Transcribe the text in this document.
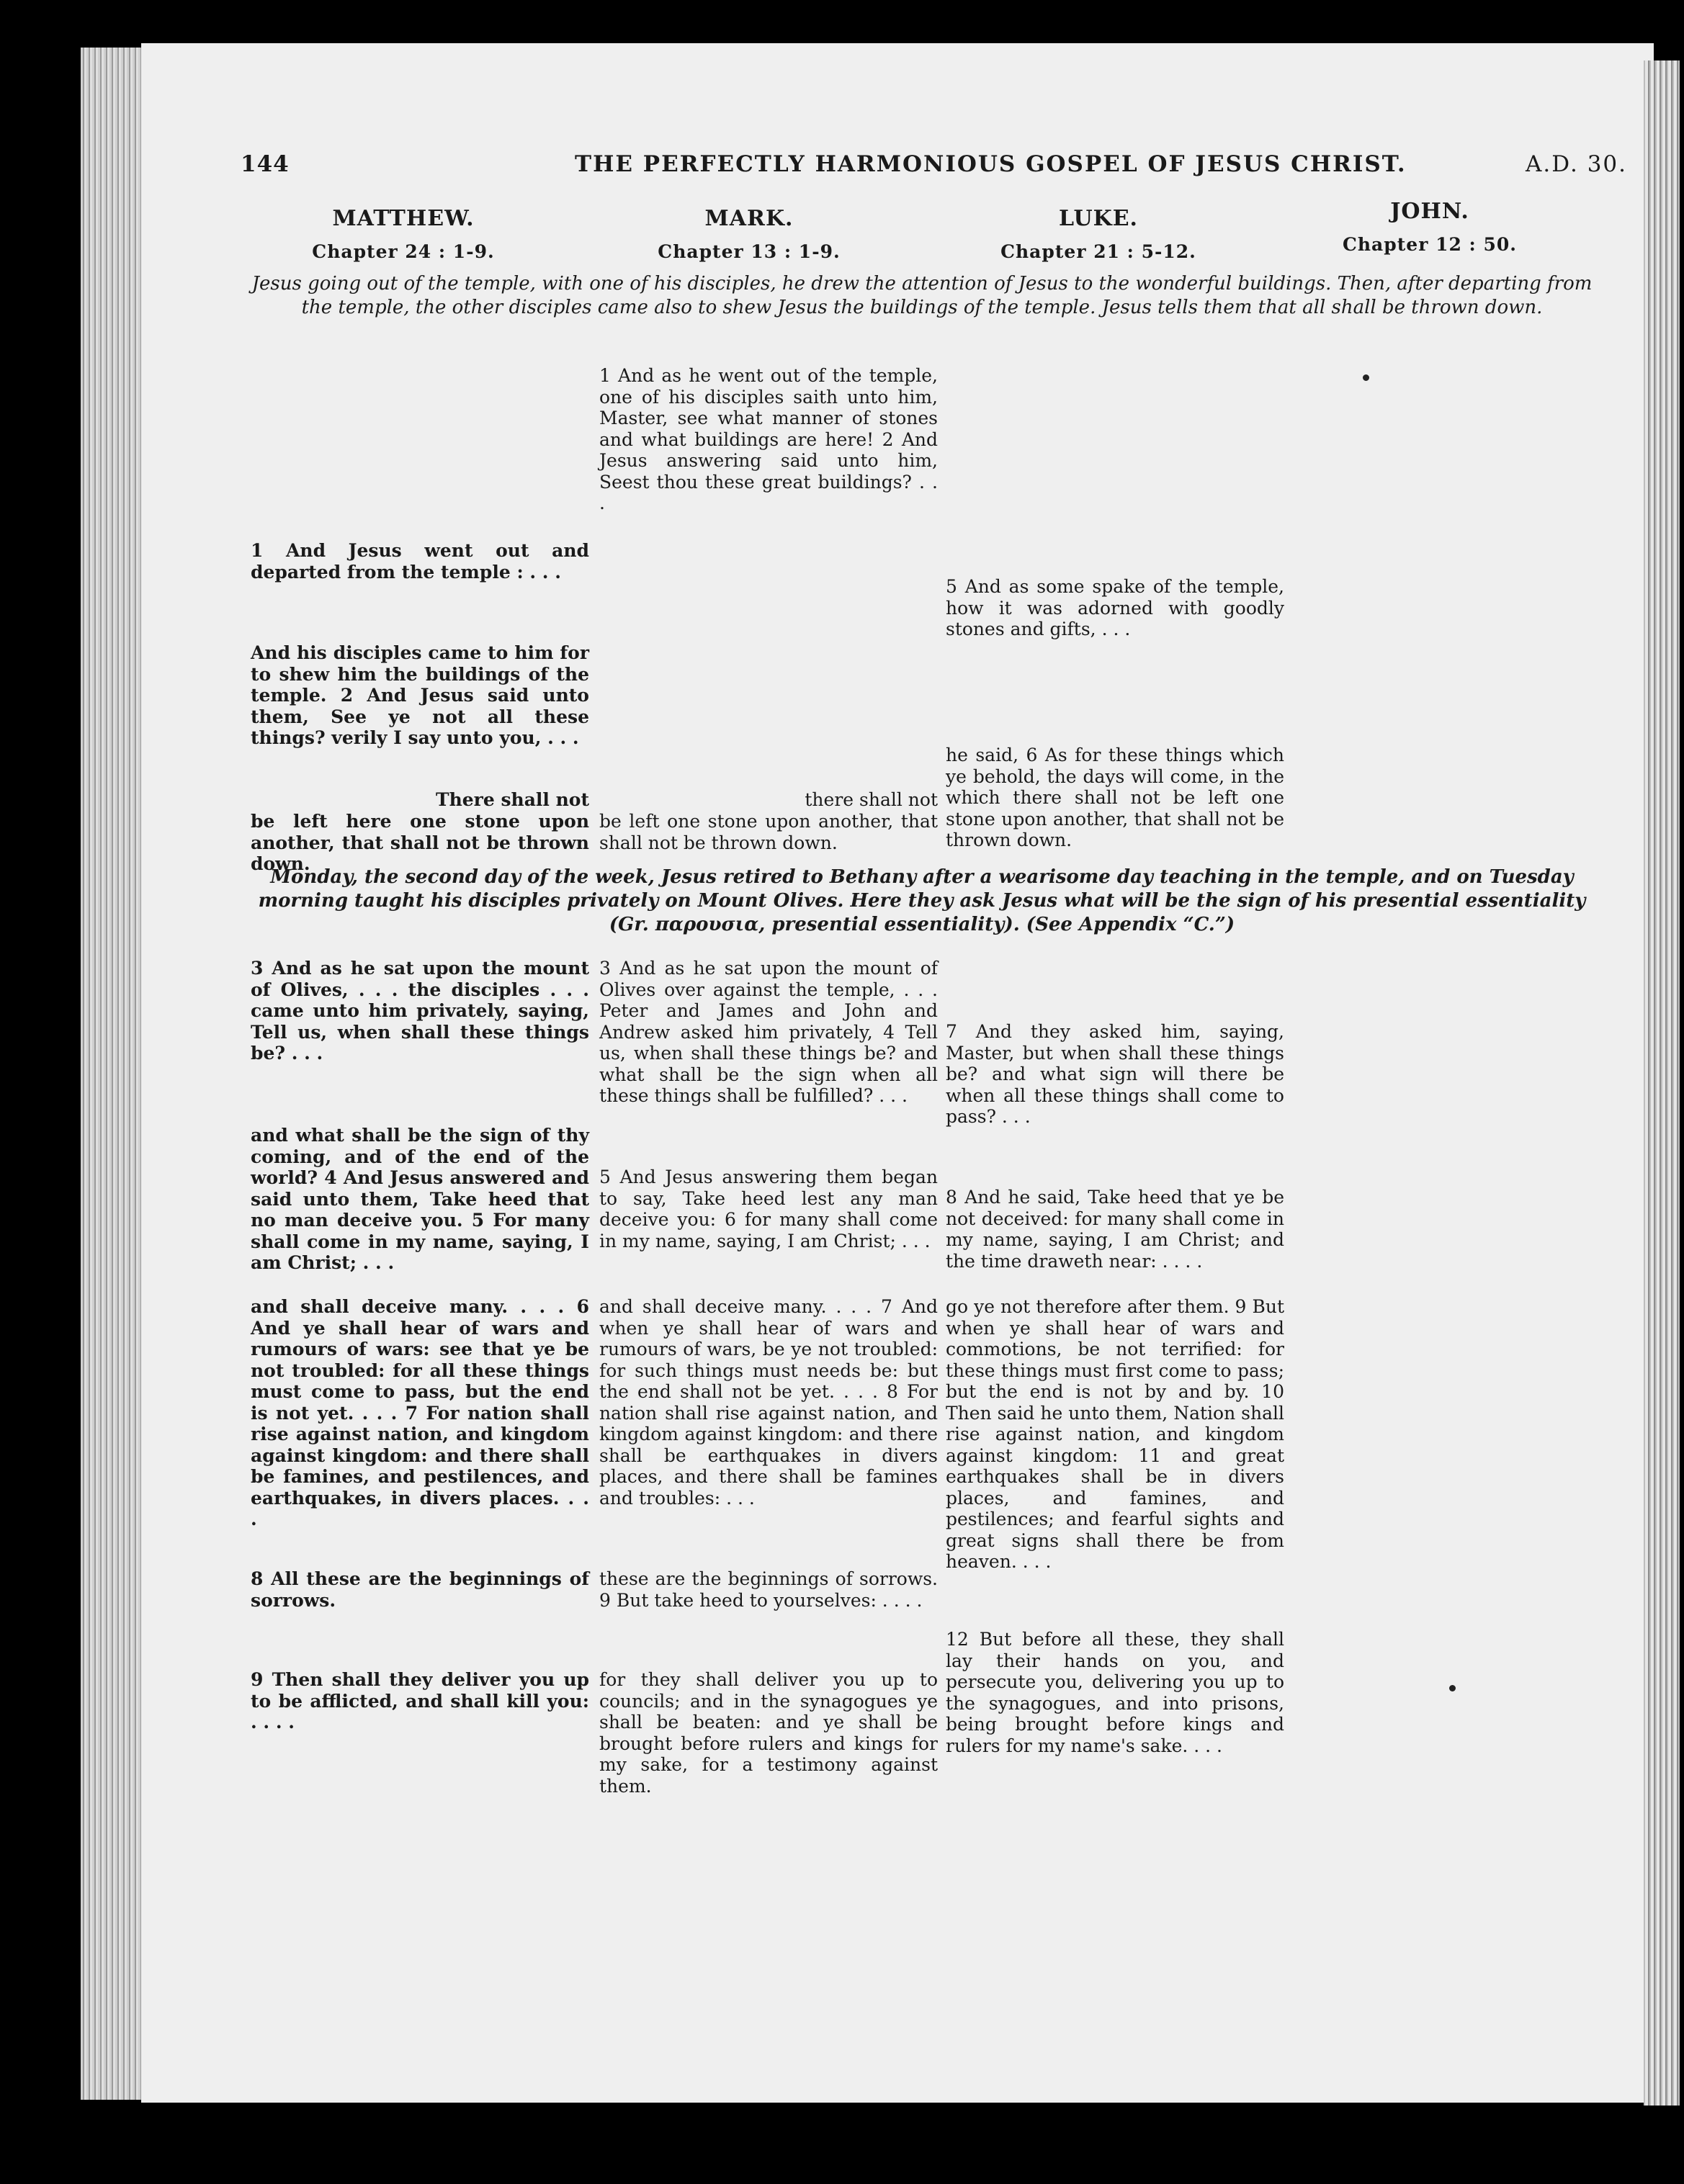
144	THE PERFECTLY HARMONIOUS GOSPEL OF JESUS CHRIST.	A.D. 30.
MATTHEW.
Chapter 24 : 1-9.
MARK.
Chapter 13 : 1-9.
LUKE.
Chapter 21 : 5-12.
JOHN.
Chapter 12 : 50.
Jesus going out of the temple, with one of his disciples, he drew the attention of Jesus to the wonderful buildings. Then, after departing from the temple, the other disciples came also to shew Jesus the buildings of the temple. Jesus tells them that all shall be thrown down.
1 And as he went out of the temple, one of his disciples saith unto him, Master, see what manner of stones and what buildings are here! 2 And Jesus answering said unto him, Seest thou these great buildings? . . .
1 And Jesus went out and departed from the temple : . . .
5 And as some spake of the temple, how it was adorned with goodly stones and gifts, . . .
And his disciples came to him for to shew him the buildings of the temple. 2 And Jesus said unto them, See ye not all these things? verily I say unto you, . . .
he said, 6 As for these things which ye behold, the days will come, in the which there shall not be left one stone upon another, that shall not be thrown down.
There shall not
be left here one stone upon another, that shall not be thrown down.
there shall not
be left one stone upon another, that shall not be thrown down.
Monday, the second day of the week, Jesus retired to Bethany after a wearisome day teaching in the temple, and on Tuesday morning taught his disciples privately on Mount Olives. Here they ask Jesus what will be the sign of his presential essentiality (Gr. παρουσια, presential essentiality). (See Appendix “C.”)
3 And as he sat upon the mount of Olives, . . . the disciples . . . came unto him privately, saying, Tell us, when shall these things be? . . .
3 And as he sat upon the mount of Olives over against the temple, . . . Peter and James and John and Andrew asked him privately, 4 Tell us, when shall these things be? and what shall be the sign when all these things shall be fulfilled? . . .
7 And they asked him, saying, Master, but when shall these things be? and what sign will there be when all these things shall come to pass? . . .
and what shall be the sign of thy coming, and of the end of the world? 4 And Jesus answered and said unto them, Take heed that no man deceive you. 5 For many shall come in my name, saying, I am Christ; . . .
5 And Jesus answering them began to say, Take heed lest any man deceive you: 6 for many shall come in my name, saying, I am Christ; . . .
8 And he said, Take heed that ye be not deceived: for many shall come in my name, saying, I am Christ; and the time draweth near: . . . .
and shall deceive many. . . . 6 And ye shall hear of wars and rumours of wars: see that ye be not troubled: for all these things must come to pass, but the end is not yet. . . . 7 For nation shall rise against nation, and kingdom against kingdom: and there shall be famines, and pestilences, and earthquakes, in divers places. . . .
and shall deceive many. . . . 7 And when ye shall hear of wars and rumours of wars, be ye not troubled: for such things must needs be: but the end shall not be yet. . . . 8 For nation shall rise against nation, and kingdom against kingdom: and there shall be earthquakes in divers places, and there shall be famines and troubles: . . .
go ye not therefore after them. 9 But when ye shall hear of wars and commotions, be not terrified: for these things must first come to pass; but the end is not by and by. 10 Then said he unto them, Nation shall rise against nation, and kingdom against kingdom: 11 and great earthquakes shall be in divers places, and famines, and pestilences; and fearful sights and great signs shall there be from heaven. . . .
8 All these are the beginnings of sorrows.
these are the beginnings of sorrows. 9 But take heed to yourselves: . . . .
12 But before all these, they shall lay their hands on you, and persecute you, delivering you up to the synagogues, and into prisons, being brought before kings and rulers for my name's sake. . . .
9 Then shall they deliver you up to be afflicted, and shall kill you: . . . .
for they shall deliver you up to councils; and in the synagogues ye shall be beaten: and ye shall be brought before rulers and kings for my sake, for a testimony against them.
